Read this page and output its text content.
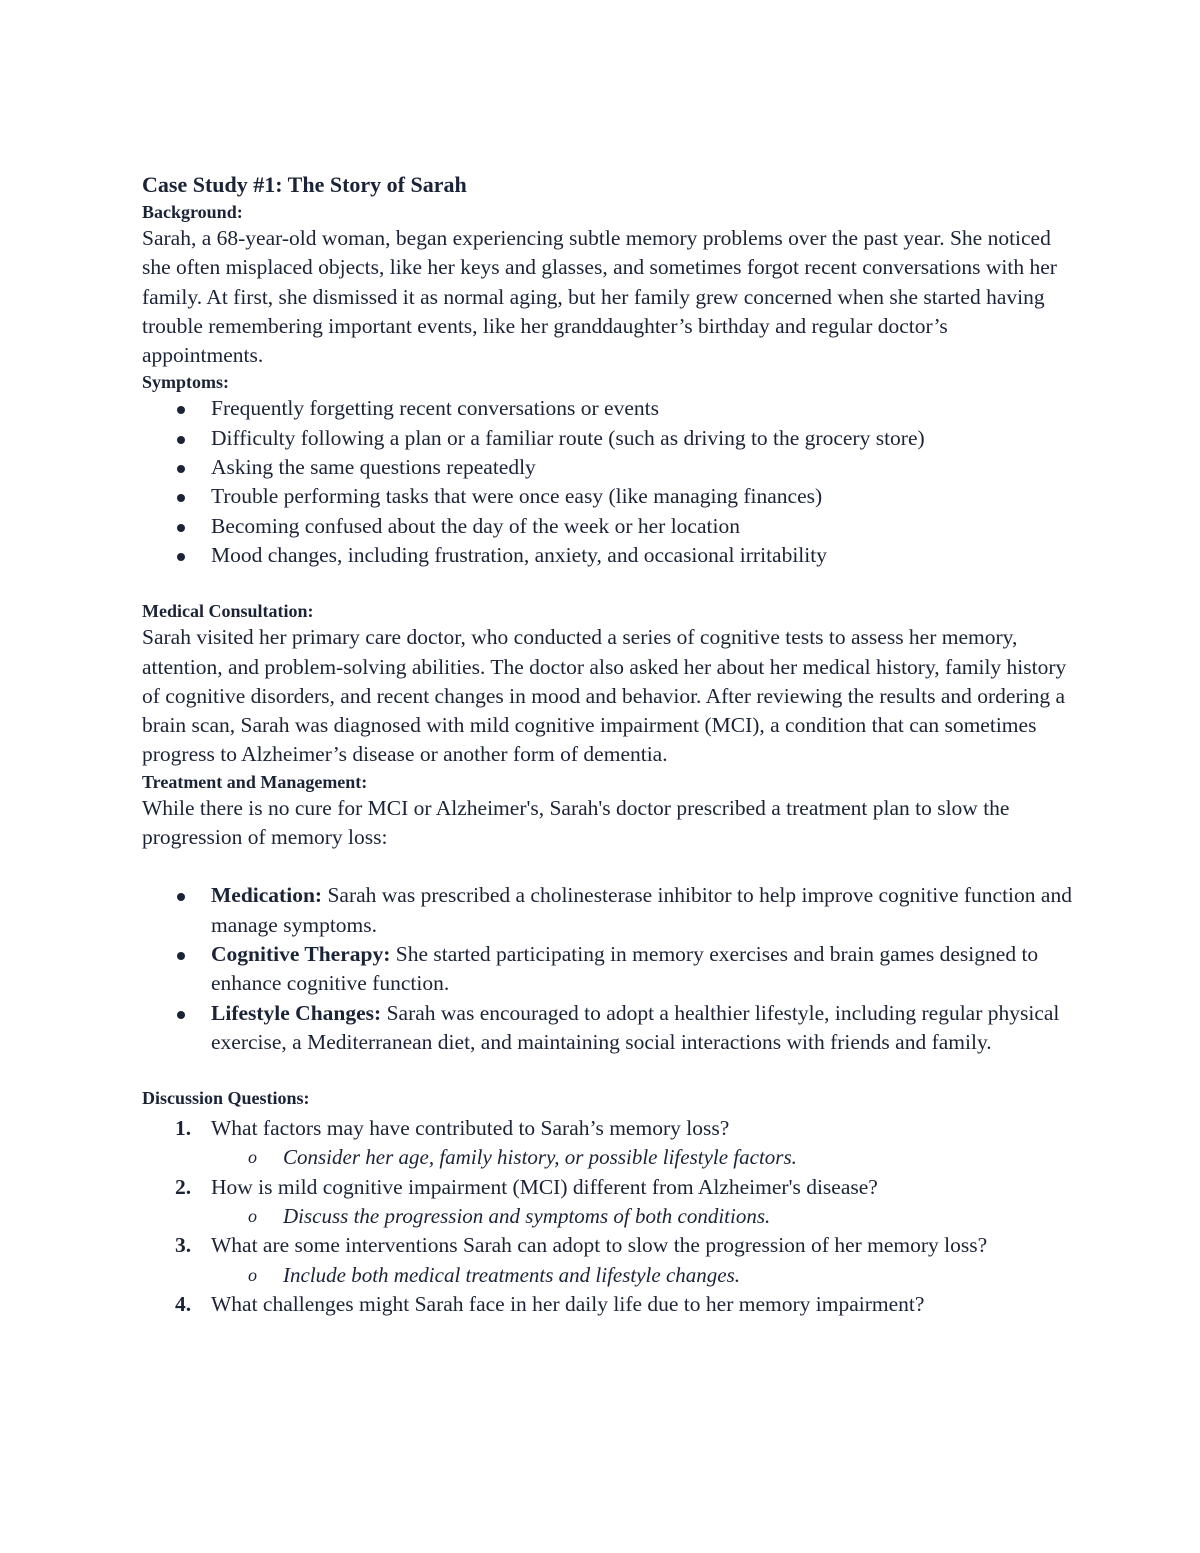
Case Study #1: The Story of Sarah

Background:

Sarah, a 68-year-old woman, began experiencing subtle memory problems over the past year. She noticed she often misplaced objects, like her keys and glasses, and sometimes forgot recent conversations with her family. At first, she dismissed it as normal aging, but her family grew concerned when she started having trouble remembering important events, like her granddaughter’s birthday and regular doctor’s appointments.

Symptoms:

Frequently forgetting recent conversations or events
Difficulty following a plan or a familiar route (such as driving to the grocery store)
Asking the same questions repeatedly
Trouble performing tasks that were once easy (like managing finances)
Becoming confused about the day of the week or her location
Mood changes, including frustration, anxiety, and occasional irritability

Medical Consultation:

Sarah visited her primary care doctor, who conducted a series of cognitive tests to assess her memory, attention, and problem-solving abilities. The doctor also asked her about her medical history, family history of cognitive disorders, and recent changes in mood and behavior. After reviewing the results and ordering a brain scan, Sarah was diagnosed with mild cognitive impairment (MCI), a condition that can sometimes progress to Alzheimer’s disease or another form of dementia.

Treatment and Management:

While there is no cure for MCI or Alzheimer's, Sarah's doctor prescribed a treatment plan to slow the progression of memory loss:

Medication: Sarah was prescribed a cholinesterase inhibitor to help improve cognitive function and manage symptoms.
Cognitive Therapy: She started participating in memory exercises and brain games designed to enhance cognitive function.
Lifestyle Changes: Sarah was encouraged to adopt a healthier lifestyle, including regular physical exercise, a Mediterranean diet, and maintaining social interactions with friends and family.

Discussion Questions:

1. What factors may have contributed to Sarah’s memory loss?
o Consider her age, family history, or possible lifestyle factors.
2. How is mild cognitive impairment (MCI) different from Alzheimer's disease?
o Discuss the progression and symptoms of both conditions.
3. What are some interventions Sarah can adopt to slow the progression of her memory loss?
o Include both medical treatments and lifestyle changes.
4. What challenges might Sarah face in her daily life due to her memory impairment?
